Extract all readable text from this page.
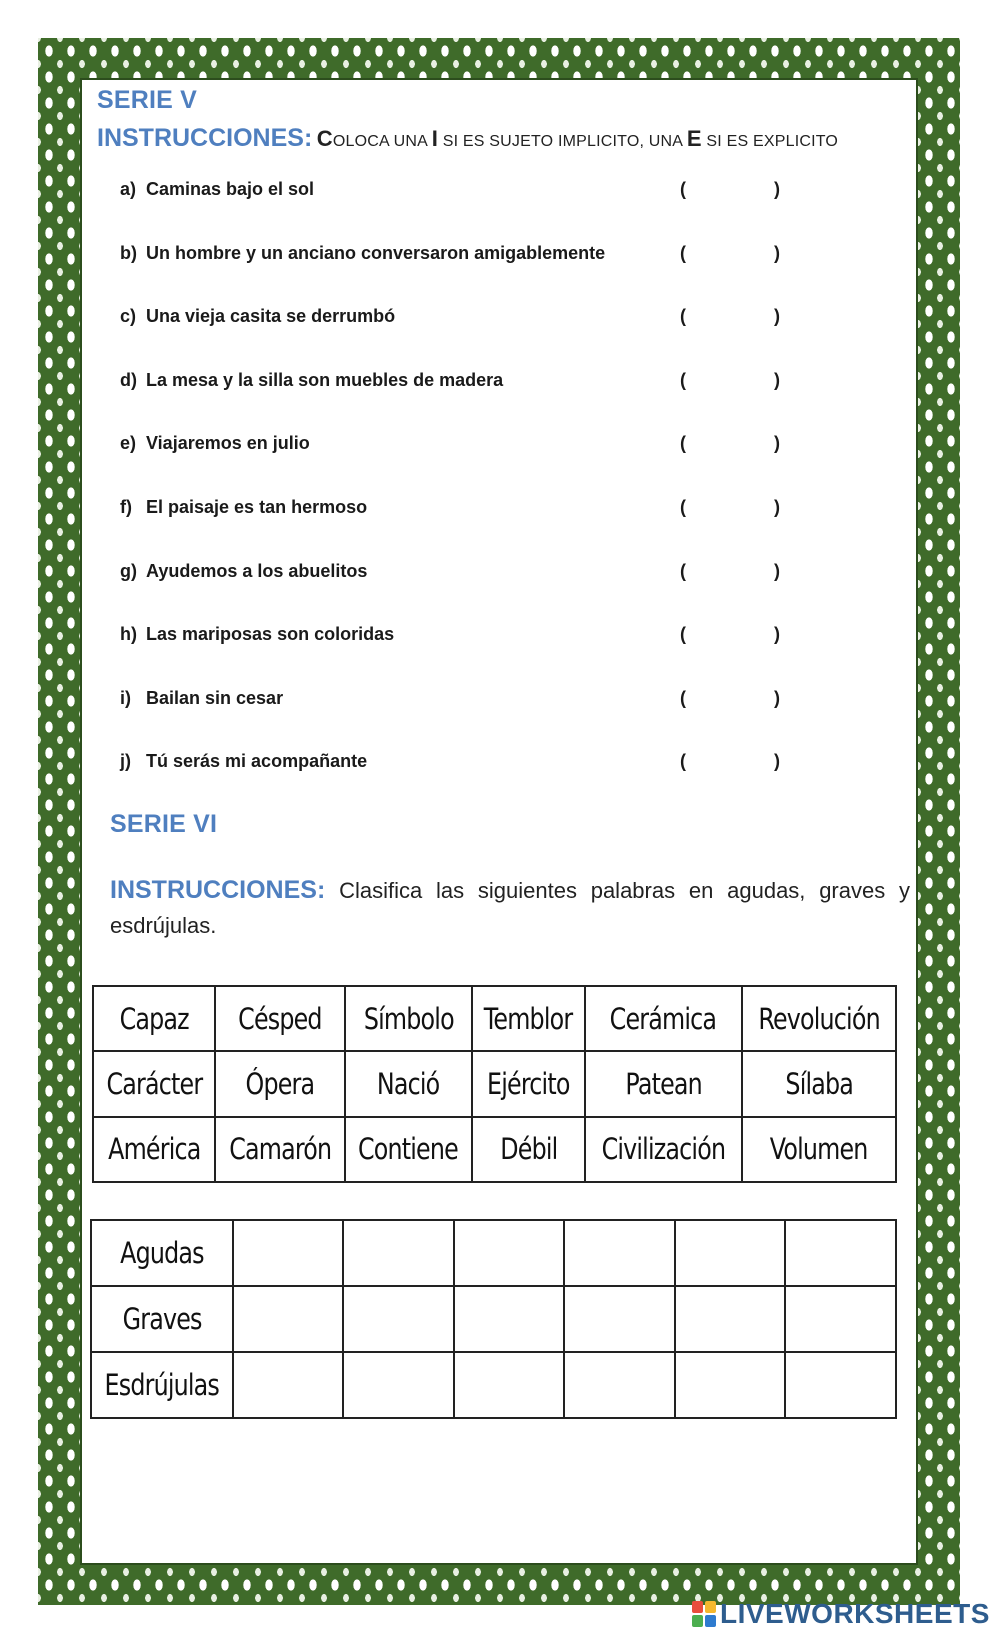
SERIE V
INSTRUCCIONES: COLOCA UNA I SI ES SUJETO IMPLICITO, UNA E SI ES EXPLICITO
a) Caminas bajo el sol	(	)
b) Un hombre y un anciano conversaron amigablemente	(	)
c) Una vieja casita se derrumbó	(	)
d) La mesa y la silla son muebles de madera	(	)
e) Viajaremos en julio	(	)
f) El paisaje es tan hermoso	(	)
g) Ayudemos a los abuelitos	(	)
h) Las mariposas son coloridas	(	)
i) Bailan sin cesar	(	)
j) Tú serás mi acompañante	(	)
SERIE VI
INSTRUCCIONES: Clasifica las siguientes palabras en agudas, graves y esdrújulas.
Capaz	Césped	Símbolo	Temblor	Cerámica	Revolución
Carácter	Ópera	Nació	Ejército	Patean	Sílaba
América	Camarón	Contiene	Débil	Civilización	Volumen
Agudas						
Graves						
Esdrújulas						
LIVEWORKSHEETS
